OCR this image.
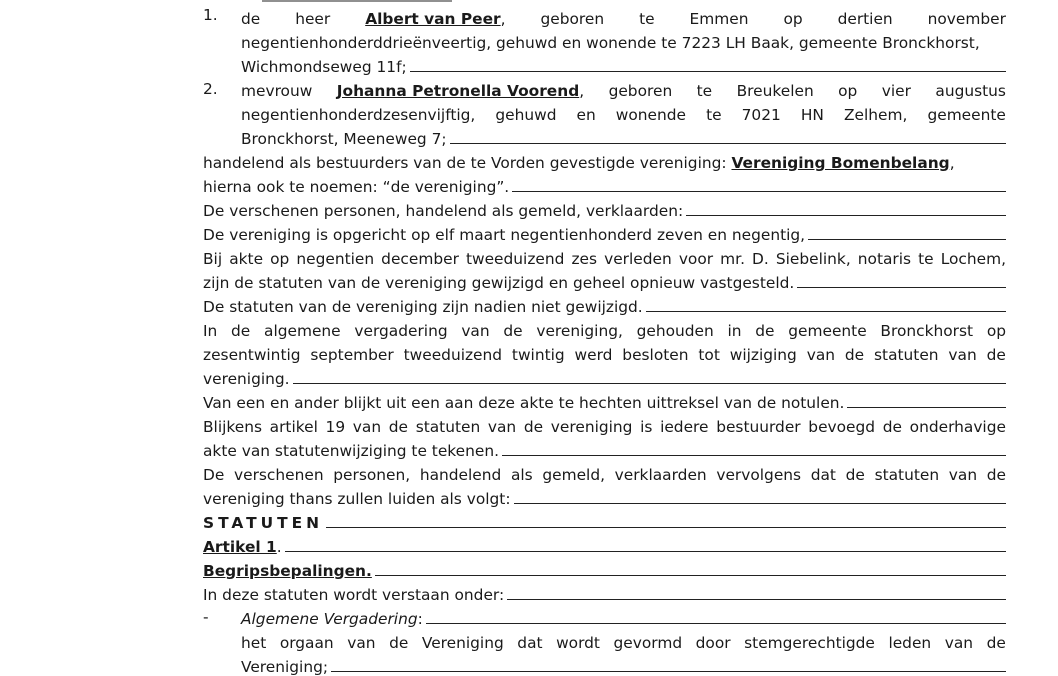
1. de heer Albert van Peer, geboren te Emmen op dertien november
negentienhonderddrieënveertig, gehuwd en wonende te 7223 LH Baak, gemeente Bronckhorst,
Wichmondseweg 11f;
2. mevrouw Johanna Petronella Voorend, geboren te Breukelen op vier augustus
negentienhonderdzesenvijftig, gehuwd en wonende te 7021 HN Zelhem, gemeente
Bronckhorst, Meeneweg 7;
handelend als bestuurders van de te Vorden gevestigde vereniging:
Vereniging Bomenbelang ,
hierna ook te noemen: “de vereniging”.
De verschenen personen, handelend als gemeld, verklaarden:
De vereniging is opgericht op elf maart negentienhonderd zeven en negentig,
Bij akte op negentien december tweeduizend zes verleden voor mr. D. Siebelink, notaris te Lochem,
zijn de statuten van de vereniging gewijzigd en geheel opnieuw vastgesteld.
De statuten van de vereniging zijn nadien niet gewijzigd.
In de algemene vergadering van de vereniging, gehouden in de gemeente Bronckhorst op
zesentwintig september tweeduizend twintig werd besloten tot wijziging van de statuten van de
vereniging.
Van een en ander blijkt uit een aan deze akte te hechten uittreksel van de notulen.
Blijkens artikel 19 van de statuten van de vereniging is iedere bestuurder bevoegd de onderhavige
akte van statutenwijziging te tekenen.
De verschenen personen, handelend als gemeld, verklaarden vervolgens dat de statuten van de
vereniging thans zullen luiden als volgt:
STATUTEN
Artikel 1 .
Begripsbepalingen.
In deze statuten wordt verstaan onder:
- Algemene Vergadering :
het orgaan van de Vereniging dat wordt gevormd door stemgerechtigde leden van de
Vereniging;
